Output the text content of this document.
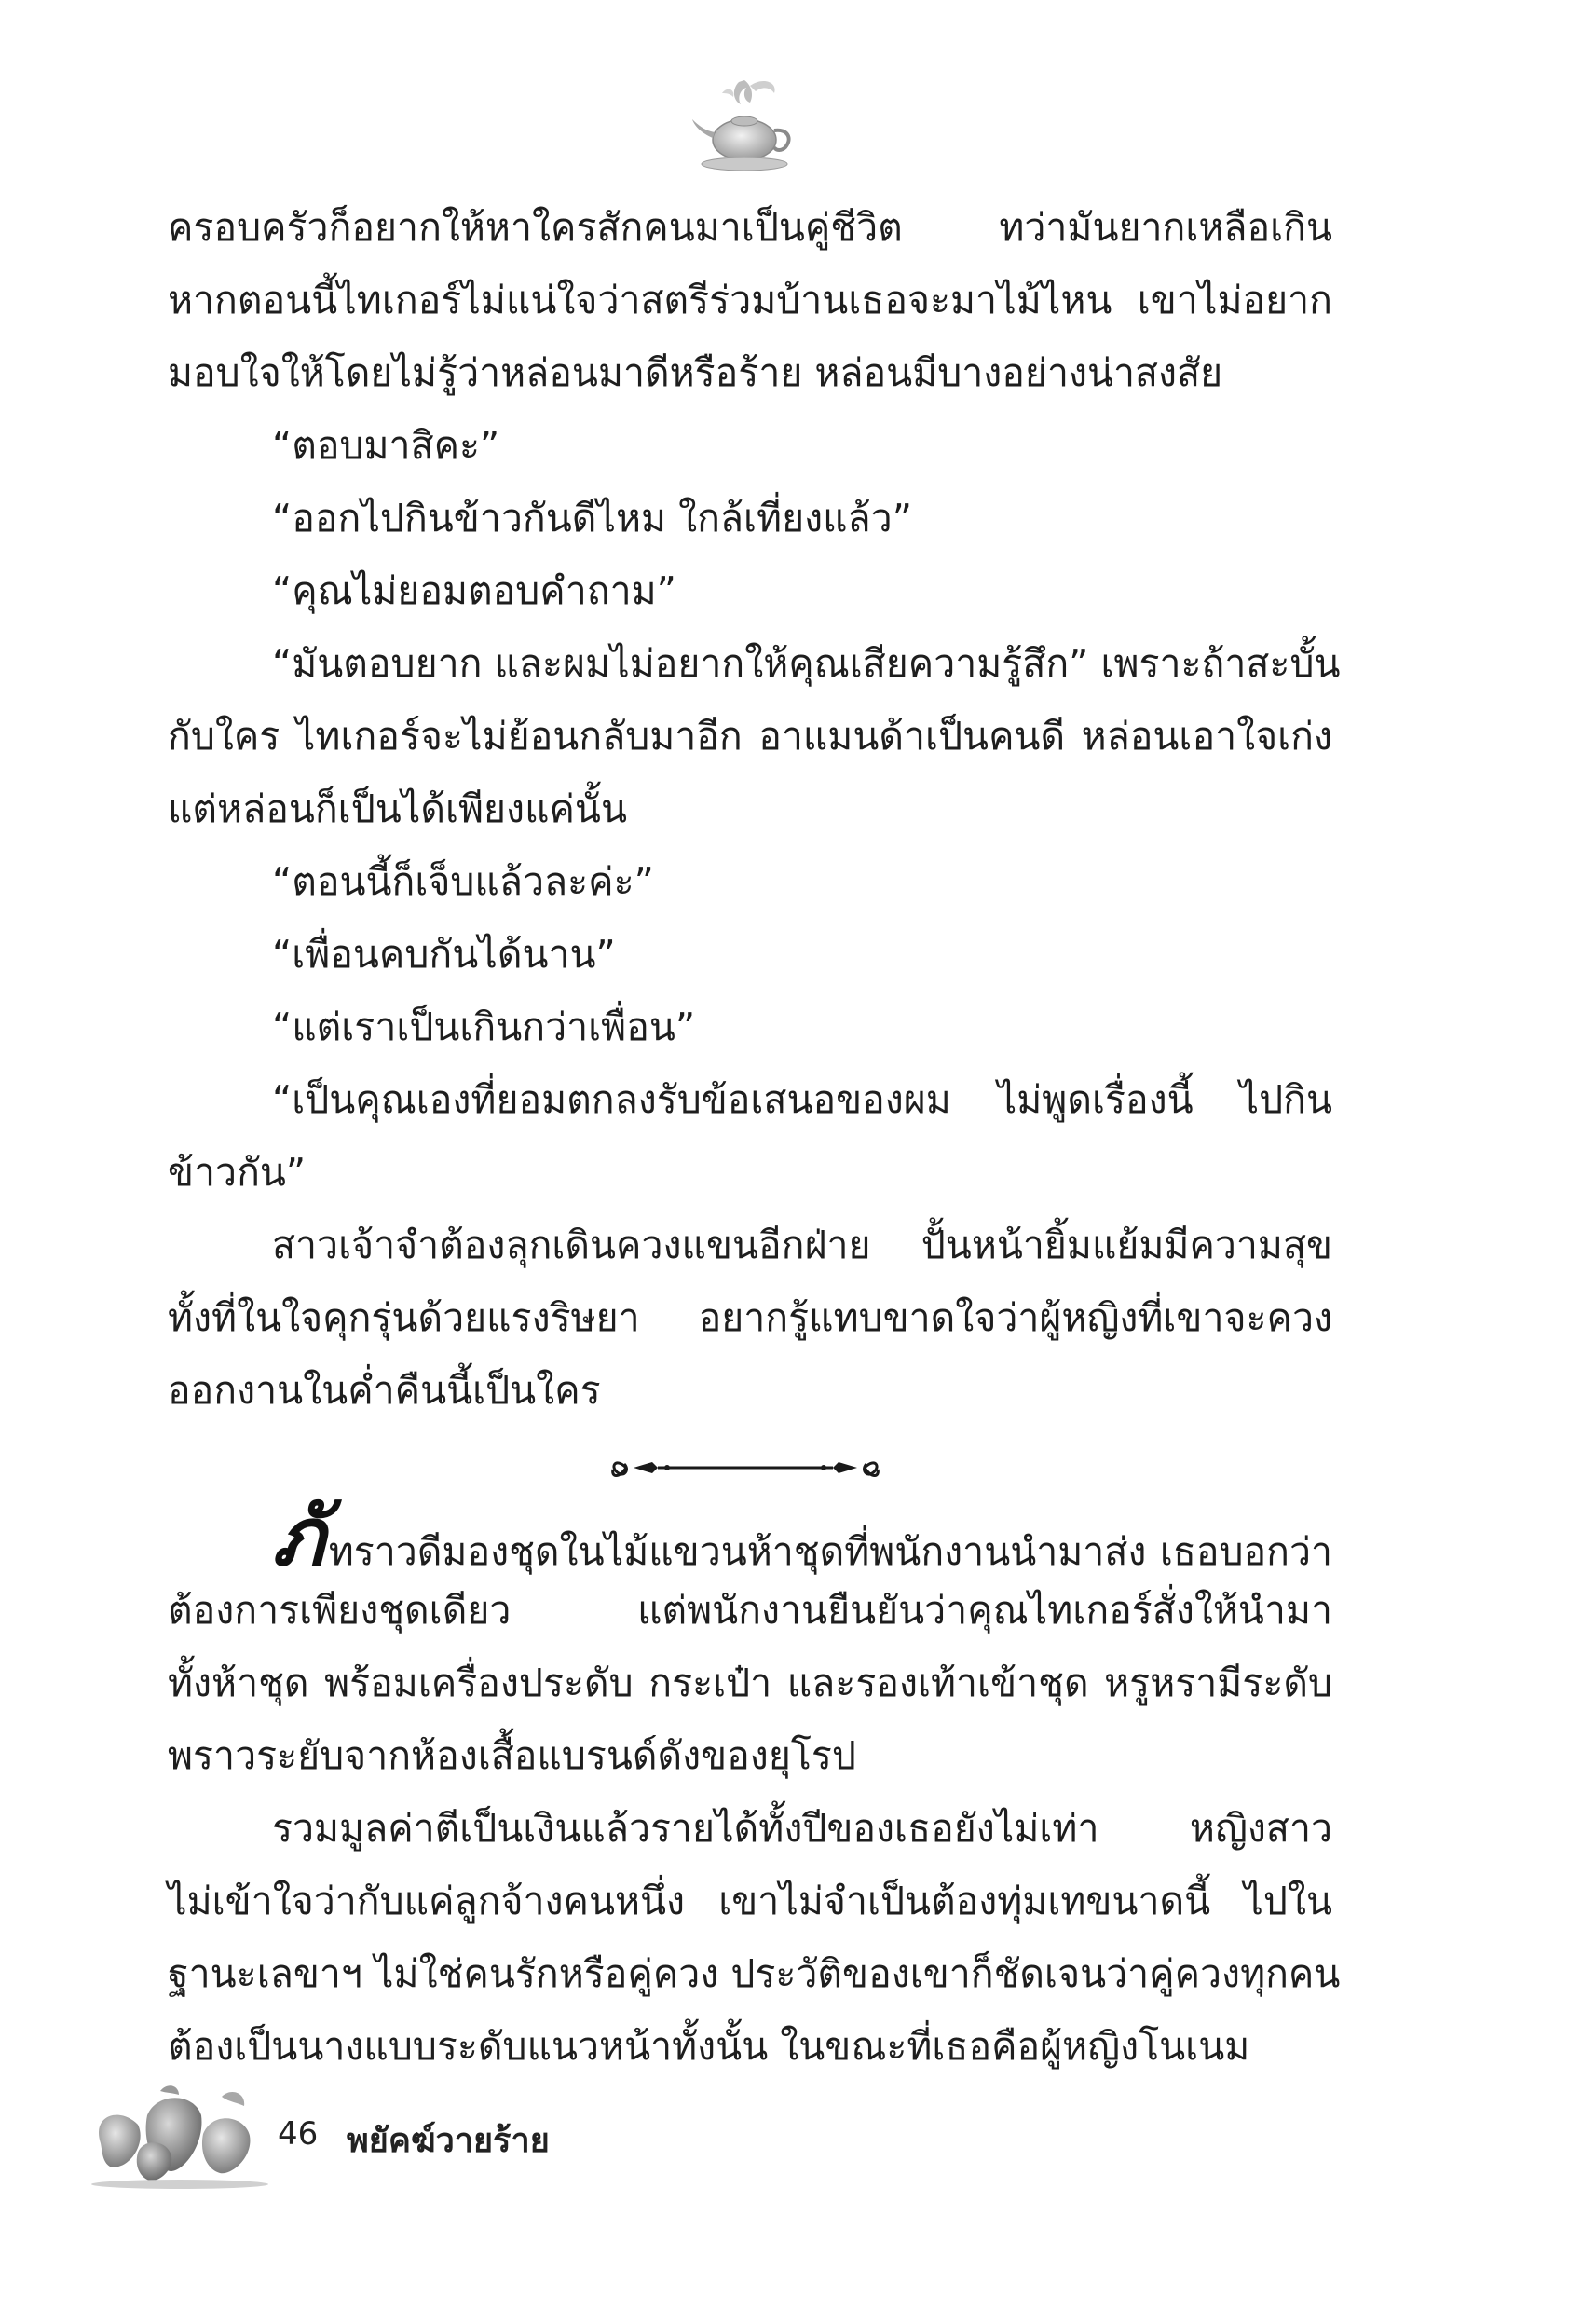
ครอบครัวก็อยากให้หาใครสักคนมาเป็นคู่ชีวิต ทว่ามันยากเหลือเกิน
หากตอนนี้ไทเกอร์ไม่แน่ใจว่าสตรีร่วมบ้านเธอจะมาไม้ไหน เขาไม่อยาก
มอบใจให้โดยไม่รู้ว่าหล่อนมาดีหรือร้าย หล่อนมีบางอย่างน่าสงสัย
“ตอบมาสิคะ”
“ออกไปกินข้าวกันดีไหม ใกล้เที่ยงแล้ว”
“คุณไม่ยอมตอบคำถาม”
“มันตอบยาก และผมไม่อยากให้คุณเสียความรู้สึก” เพราะถ้าสะบั้น
กับใคร ไทเกอร์จะไม่ย้อนกลับมาอีก อาแมนด้าเป็นคนดี หล่อนเอาใจเก่ง
แต่หล่อนก็เป็นได้เพียงแค่นั้น
“ตอนนี้ก็เจ็บแล้วละค่ะ”
“เพื่อนคบกันได้นาน”
“แต่เราเป็นเกินกว่าเพื่อน”
“เป็นคุณเองที่ยอมตกลงรับข้อเสนอของผม ไม่พูดเรื่องนี้ ไปกิน
ข้าวกัน”
สาวเจ้าจำต้องลุกเดินควงแขนอีกฝ่าย ปั้นหน้ายิ้มแย้มมีความสุข
ทั้งที่ในใจคุกรุ่นด้วยแรงริษยา อยากรู้แทบขาดใจว่าผู้หญิงที่เขาจะควง
ออกงานในค่ำคืนนี้เป็นใคร
ภัทราวดีมองชุดในไม้แขวนห้าชุดที่พนักงานนำมาส่ง เธอบอกว่า
ต้องการเพียงชุดเดียว แต่พนักงานยืนยันว่าคุณไทเกอร์สั่งให้นำมา
ทั้งห้าชุด พร้อมเครื่องประดับ กระเป๋า และรองเท้าเข้าชุด หรูหรามีระดับ
พราวระยับจากห้องเสื้อแบรนด์ดังของยุโรป
รวมมูลค่าตีเป็นเงินแล้วรายได้ทั้งปีของเธอยังไม่เท่า หญิงสาว
ไม่เข้าใจว่ากับแค่ลูกจ้างคนหนึ่ง เขาไม่จำเป็นต้องทุ่มเทขนาดนี้ ไปใน
ฐานะเลขาฯ ไม่ใช่คนรักหรือคู่ควง ประวัติของเขาก็ชัดเจนว่าคู่ควงทุกคน
ต้องเป็นนางแบบระดับแนวหน้าทั้งนั้น ในขณะที่เธอคือผู้หญิงโนเนม
46 พยัคฆ์วายร้าย
